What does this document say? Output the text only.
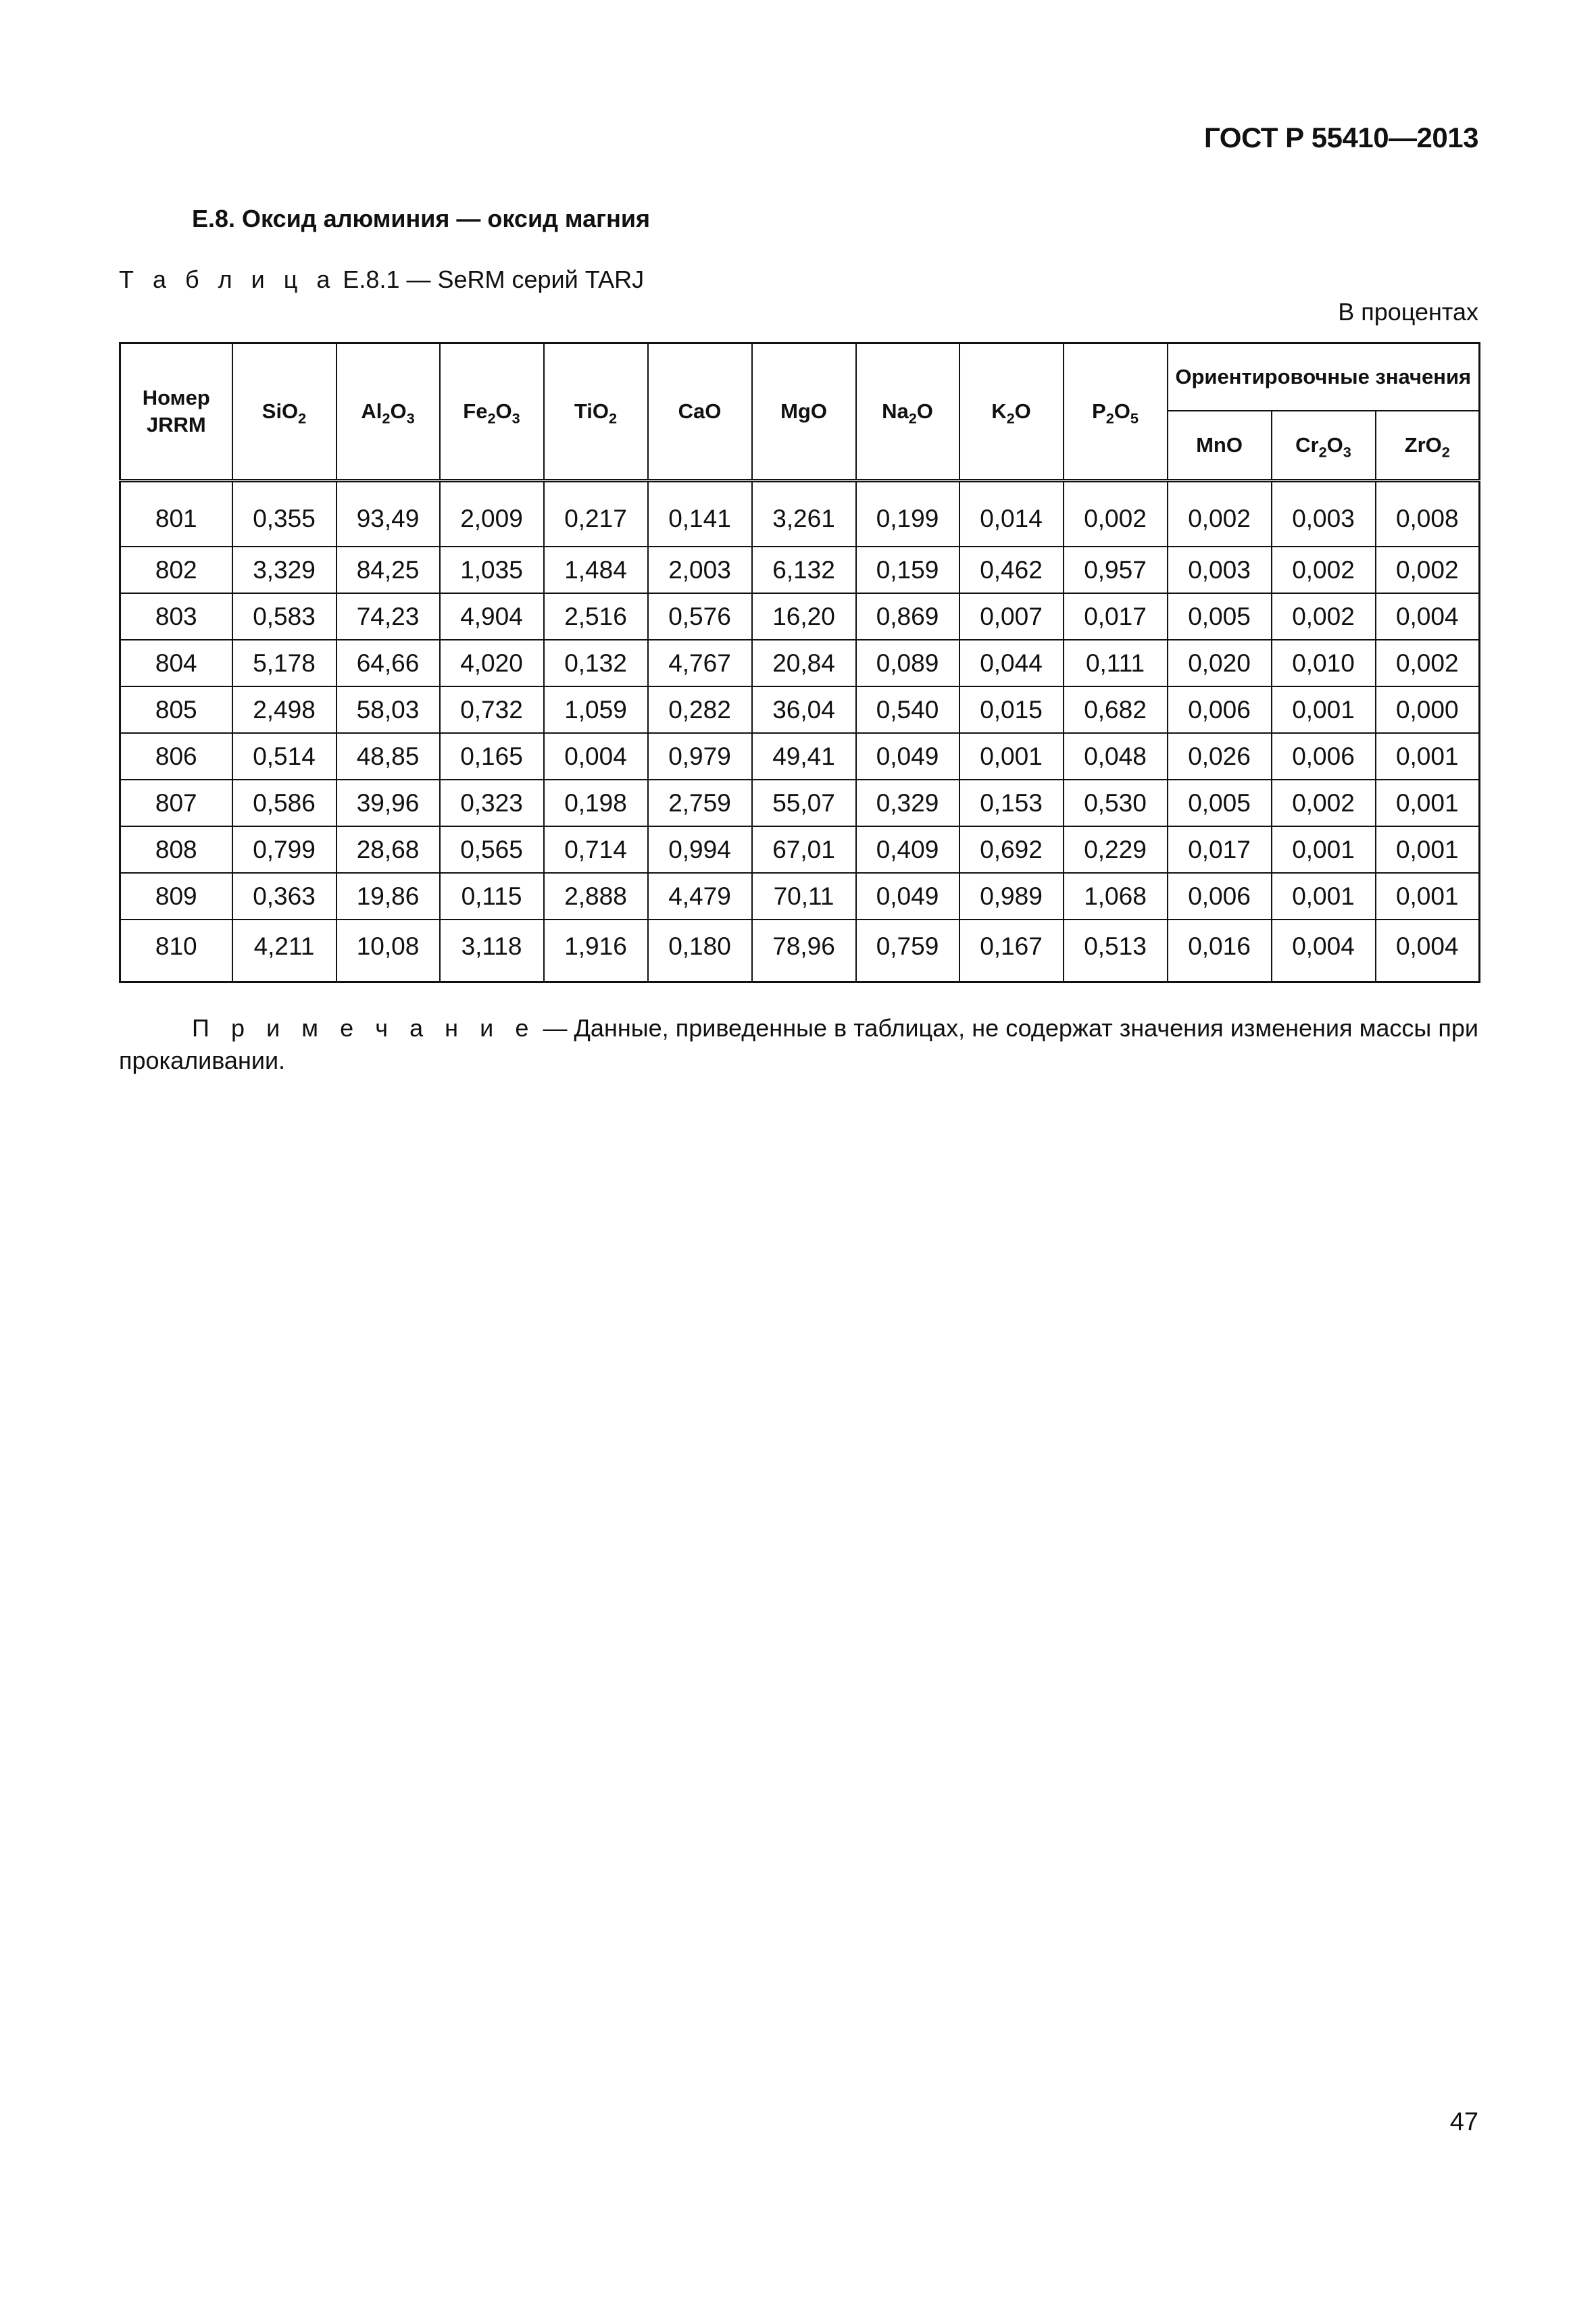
ГОСТ Р 55410—2013
Е.8. Оксид алюминия — оксид магния
Т а б л и ц а Е.8.1 — SeRM серий TARJ
В процентах
Номер JRRM	SiO$_2$	$Al_2O_3$	$Fe_2O_3$	TiO$_2$	CaO	MgO	$Na_2O$	$K_2O$	$P_2O_5$	Ориентировочные значения		
										MnO	$Cr_2O_3$	ZrO$_2$
801	0,355	93,49	2,009	0,217	0,141	3,261	0,199	0,014	0,002	0,002	0,003	0,008
802	3,329	84,25	1,035	1,484	2,003	6,132	0,159	0,462	0,957	0,003	0,002	0,002
803	0,583	74,23	4,904	2,516	0,576	16,20	0,869	0,007	0,017	0,005	0,002	0,004
804	5,178	64,66	4,020	0,132	4,767	20,84	0,089	0,044	0,111	0,020	0,010	0,002
805	2,498	58,03	0,732	1,059	0,282	36,04	0,540	0,015	0,682	0,006	0,001	0,000
806	0,514	48,85	0,165	0,004	0,979	49,41	0,049	0,001	0,048	0,026	0,006	0,001
807	0,586	39,96	0,323	0,198	2,759	55,07	0,329	0,153	0,530	0,005	0,002	0,001
808	0,799	28,68	0,565	0,714	0,994	67,01	0,409	0,692	0,229	0,017	0,001	0,001
809	0,363	19,86	0,115	2,888	4,479	70,11	0,049	0,989	1,068	0,006	0,001	0,001
810	4,211	10,08	3,118	1,916	0,180	78,96	0,759	0,167	0,513	0,016	0,004	0,004
П р и м е ч а н и е — Данные, приведенные в таблицах, не содержат значения изменения массы при прокаливании.
47
